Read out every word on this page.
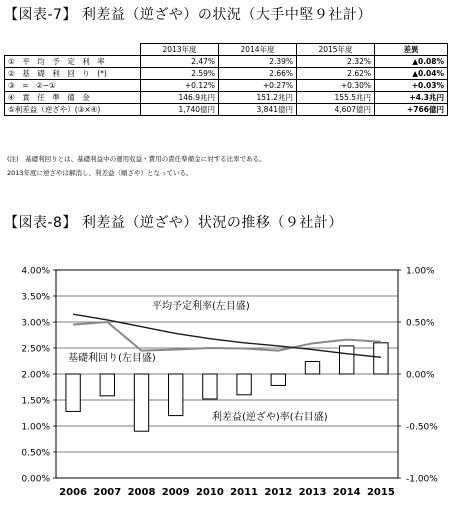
【図表-7】 利差益（逆ざや）の状況（大手中堅９社計）
	2013年度	2014年度	2015年度	差異
①　平　均　予　定　利　率	2.47%	2.39%	2.32%	▲0.08%
②　基　礎　利　回　り　(*)	2.59%	2.66%	2.62%	▲0.04%
③　=　②−①	+0.12%	+0.27%	+0.30%	+0.03%
④　責　任　準　備　金	146.9兆円	151.2兆円	155.5兆円	+4.3兆円
⑤利差益（逆ざや）(③×④)	1,740億円	3,841億円	4,607億円	+766億円
(注)　基礎利回りとは、基礎利益中の運用収益・費用の責任準備金に対する比率である。
2013年度に逆ざやは解消し、利差益（順ざや）となっている。
【図表-8】 利差益（逆ざや）状況の推移（９社計）
0.00%
0.50%
1.00%
1.50%
2.00%
2.50%
3.00%
3.50%
4.00%
-1.00%
-0.50%
0.00%
0.50%
1.00%
2006 2007 2008 2009 2010 2011 2012 2013 2014 2015
平均予定利率(左目盛)
基礎利回り(左目盛)
利差益(逆ざや)率(右目盛)
